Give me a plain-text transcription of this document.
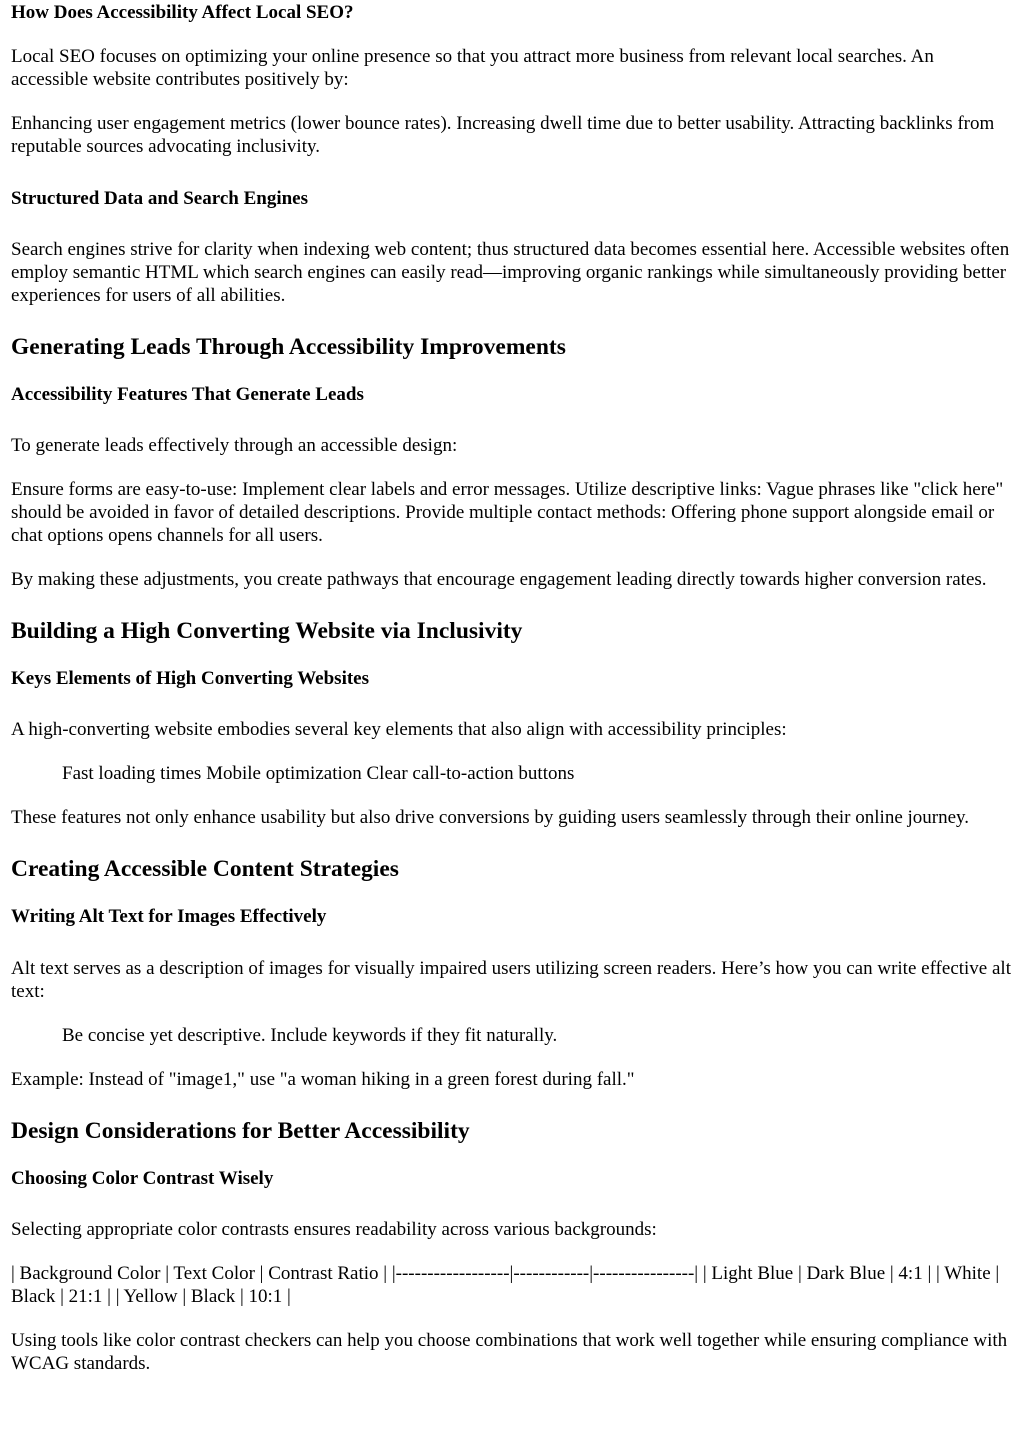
How Does Accessibility Affect Local SEO?

Local SEO focuses on optimizing your online presence so that you attract more business from relevant local searches. An accessible website contributes positively by:

Enhancing user engagement metrics (lower bounce rates). Increasing dwell time due to better usability. Attracting backlinks from reputable sources advocating inclusivity.

Structured Data and Search Engines

Search engines strive for clarity when indexing web content; thus structured data becomes essential here. Accessible websites often employ semantic HTML which search engines can easily read—improving organic rankings while simultaneously providing better experiences for users of all abilities.

Generating Leads Through Accessibility Improvements
Accessibility Features That Generate Leads

To generate leads effectively through an accessible design:

Ensure forms are easy-to-use: Implement clear labels and error messages. Utilize descriptive links: Vague phrases like "click here" should be avoided in favor of detailed descriptions. Provide multiple contact methods: Offering phone support alongside email or chat options opens channels for all users.

By making these adjustments, you create pathways that encourage engagement leading directly towards higher conversion rates.

Building a High Converting Website via Inclusivity
Keys Elements of High Converting Websites

A high-converting website embodies several key elements that also align with accessibility principles:

Fast loading times Mobile optimization Clear call-to-action buttons

These features not only enhance usability but also drive conversions by guiding users seamlessly through their online journey.

Creating Accessible Content Strategies
Writing Alt Text for Images Effectively

Alt text serves as a description of images for visually impaired users utilizing screen readers. Here’s how you can write effective alt text:

Be concise yet descriptive. Include keywords if they fit naturally.

Example: Instead of "image1," use "a woman hiking in a green forest during fall."

Design Considerations for Better Accessibility
Choosing Color Contrast Wisely

Selecting appropriate color contrasts ensures readability across various backgrounds:

| Background Color | Text Color | Contrast Ratio | |------------------|------------|----------------| | Light Blue | Dark Blue | 4:1 | | White | Black | 21:1 | | Yellow | Black | 10:1 |

Using tools like color contrast checkers can help you choose combinations that work well together while ensuring compliance with WCAG standards.
